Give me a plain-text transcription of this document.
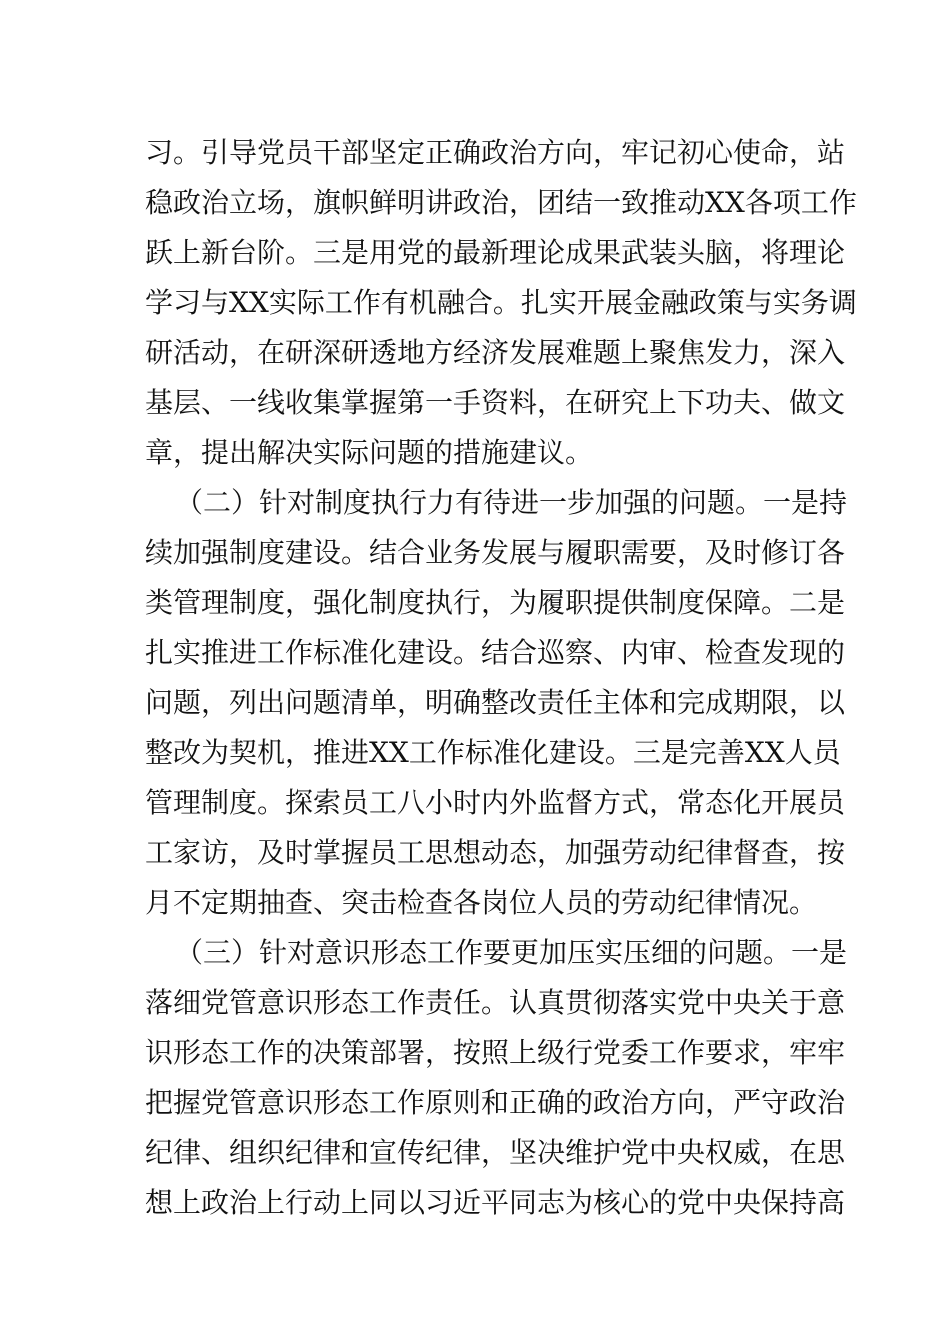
习。引导党员干部坚定正确政治方向，牢记初心使命，站
稳政治立场，旗帜鲜明讲政治，团结一致推动XX各项工作
跃上新台阶。三是用党的最新理论成果武装头脑，将理论
学习与XX实际工作有机融合。扎实开展金融政策与实务调
研活动，在研深研透地方经济发展难题上聚焦发力，深入
基层、一线收集掌握第一手资料，在研究上下功夫、做文
章，提出解决实际问题的措施建议。
（二）针对制度执行力有待进一步加强的问题。一是持
续加强制度建设。结合业务发展与履职需要，及时修订各
类管理制度，强化制度执行，为履职提供制度保障。二是
扎实推进工作标准化建设。结合巡察、内审、检查发现的
问题，列出问题清单，明确整改责任主体和完成期限，以
整改为契机，推进XX工作标准化建设。三是完善XX人员
管理制度。探索员工八小时内外监督方式，常态化开展员
工家访，及时掌握员工思想动态，加强劳动纪律督查，按
月不定期抽查、突击检查各岗位人员的劳动纪律情况。
（三）针对意识形态工作要更加压实压细的问题。一是
落细党管意识形态工作责任。认真贯彻落实党中央关于意
识形态工作的决策部署，按照上级行党委工作要求，牢牢
把握党管意识形态工作原则和正确的政治方向，严守政治
纪律、组织纪律和宣传纪律，坚决维护党中央权威，在思
想上政治上行动上同以习近平同志为核心的党中央保持高
